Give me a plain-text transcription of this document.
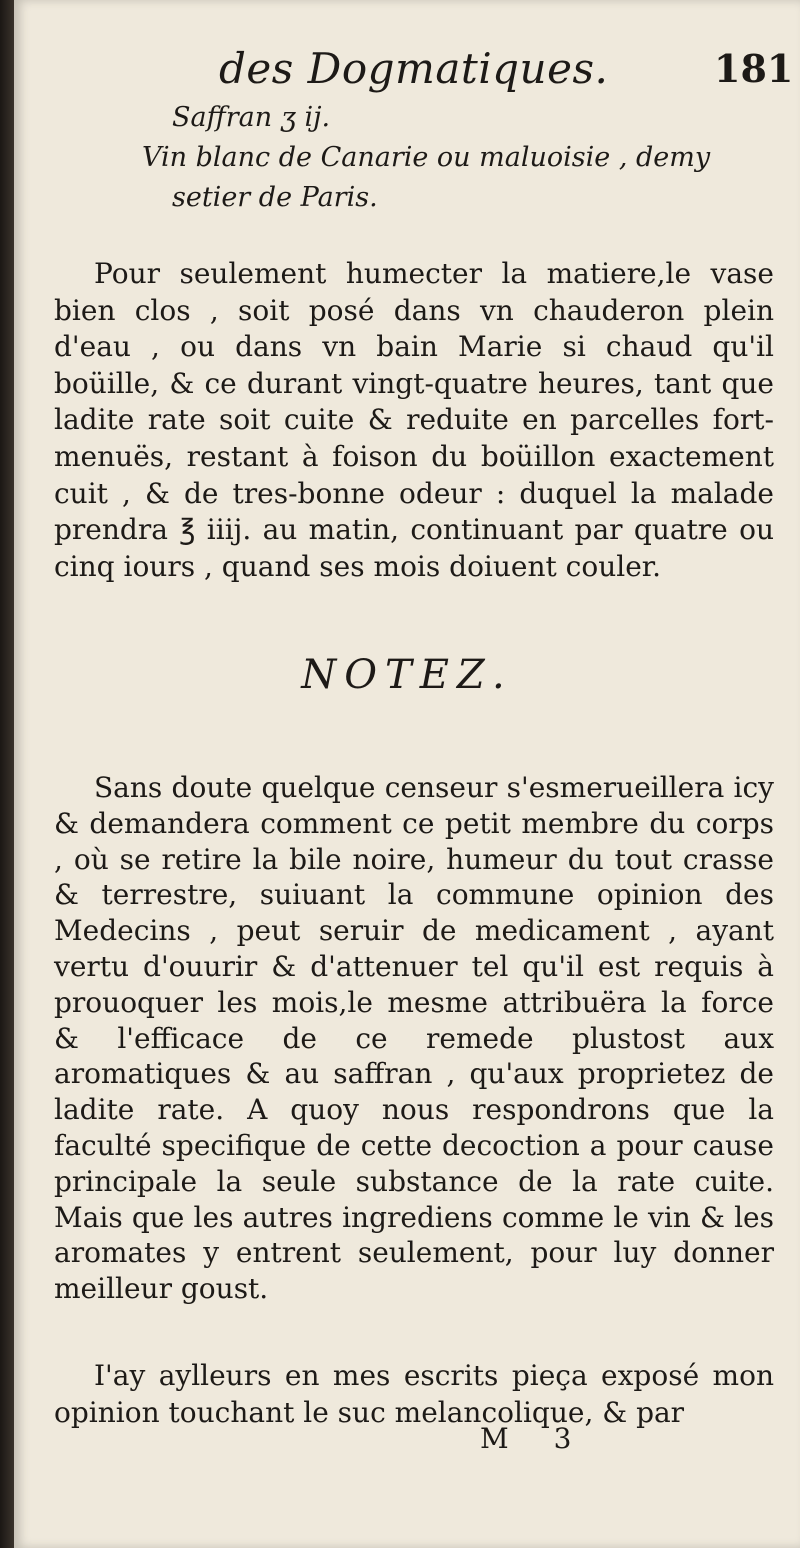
des Dogmatiques.	181
Saffran ʒ ij.
Vin blanc de Canarie ou maluoisie , demy
setier de Paris.

Pour seulement humecter la matiere,le vase bien clos , soit posé dans vn chauderon plein d'eau , ou dans vn bain Marie si chaud qu'il boüille, & ce durant vingt-quatre heures, tant que ladite rate soit cuite & reduite en parcelles fort-menuës, restant à foison du boüillon exactement cuit , & de tres-bonne odeur : duquel la malade prendra ℥ iiij. au matin, continuant par quatre ou cinq iours , quand ses mois doiuent couler.

NOTEZ.

Sans doute quelque censeur s'esmerueillera icy & demandera comment ce petit membre du corps , où se retire la bile noire, humeur du tout crasse & terrestre, suiuant la commune opinion des Medecins , peut seruir de medicament , ayant vertu d'ouurir & d'attenuer tel qu'il est requis à prouoquer les mois,le mesme attribuëra la force & l'efficace de ce remede plustost aux aromatiques & au saffran , qu'aux proprietez de ladite rate. A quoy nous respondrons que la faculté specifique de cette decoction a pour cause principale la seule substance de la rate cuite. Mais que les autres ingrediens comme le vin & les aromates y entrent seulement, pour luy donner meilleur goust.

I'ay aylleurs en mes escrits pieça exposé mon opinion touchant le suc melancolique, & par

M 3
